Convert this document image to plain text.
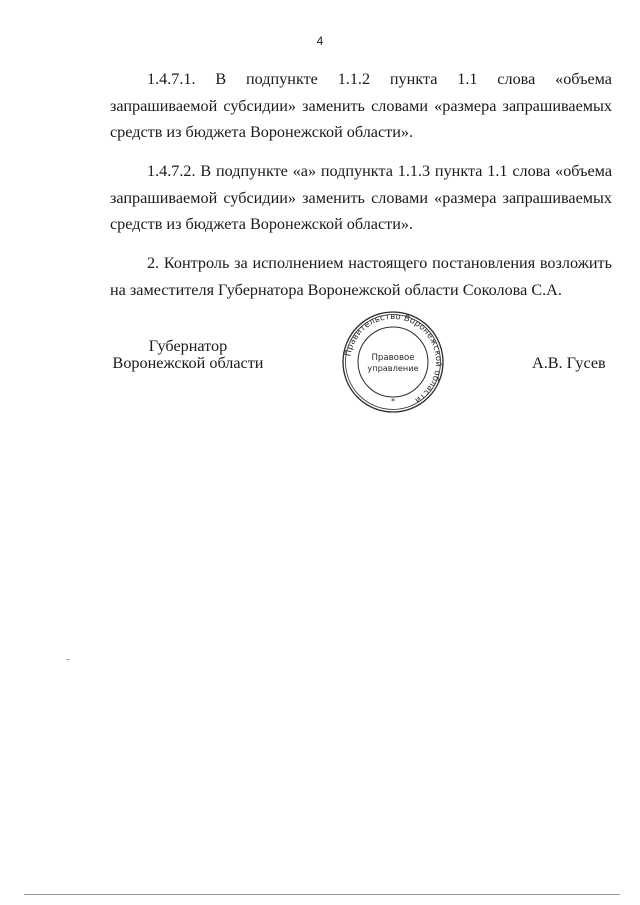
4

1.4.7.1. В подпункте 1.1.2 пункта 1.1 слова «объема запрашиваемой субсидии» заменить словами «размера запрашиваемых средств из бюджета Воронежской области».

1.4.7.2. В подпункте «а» подпункта 1.1.3 пункта 1.1 слова «объема запрашиваемой субсидии» заменить словами «размера запрашиваемых средств из бюджета Воронежской области».

2. Контроль за исполнением настоящего постановления возложить на заместителя Губернатора Воронежской области Соколова С.А.

Губернатор
Воронежской области
Правительство Воронежской области
Правовое
управление
*
А.В. Гусев
